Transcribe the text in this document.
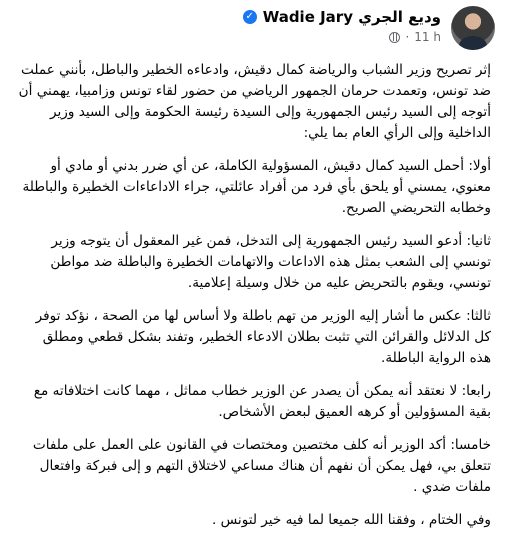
Wadie Jary وديع الجري
✓
11 h
·

إثر تصريح وزير الشباب والرياضة كمال دقيش، وادعاءه الخطير والباطل، بأنني عملت ضد تونس، وتعمدت حرمان الجمهور الرياضي من حضور لقاء تونس وزامبيا، يهمني أن أتوجه إلى السيد رئيس الجمهورية وإلى السيدة رئيسة الحكومة وإلى السيد وزير الداخلية وإلى الرأي العام بما يلي:

أولا: أحمل السيد كمال دقيش، المسؤولية الكاملة، عن أي ضرر بدني أو مادي أو معنوي، يمسني أو يلحق بأي فرد من أفراد عائلتي، جراء الاداعاءات الخطيرة والباطلة وخطابه التحريضي الصريح.

ثانيا: أدعو السيد رئيس الجمهورية إلى التدخل، فمن غير المعقول أن يتوجه وزير تونسي إلى الشعب بمثل هذه الاداعات والاتهامات الخطيرة والباطلة ضد مواطن تونسي، ويقوم بالتحريض عليه من خلال وسيلة إعلامية.

ثالثا: عكس ما أشار إليه الوزير من تهم باطلة ولا أساس لها من الصحة ، نؤكد توفر كل الدلائل والقرائن التي تثبت بطلان الادعاء الخطير، وتفند بشكل قطعي ومطلق هذه الرواية الباطلة.

رابعا: لا نعتقد أنه يمكن أن يصدر عن الوزير خطاب مماثل ، مهما كانت اختلافاته مع بقية المسؤولين أو كرهه العميق لبعض الأشخاص.

خامسا: أكد الوزير أنه كلف مختصين ومختصات في القانون على العمل على ملفات تتعلق بي، فهل يمكن أن نفهم أن هناك مساعي لاختلاق التهم و إلى فبركة وافتعال ملفات ضدي .

وفي الختام ، وفقنا الله جميعا لما فيه خير لتونس .
